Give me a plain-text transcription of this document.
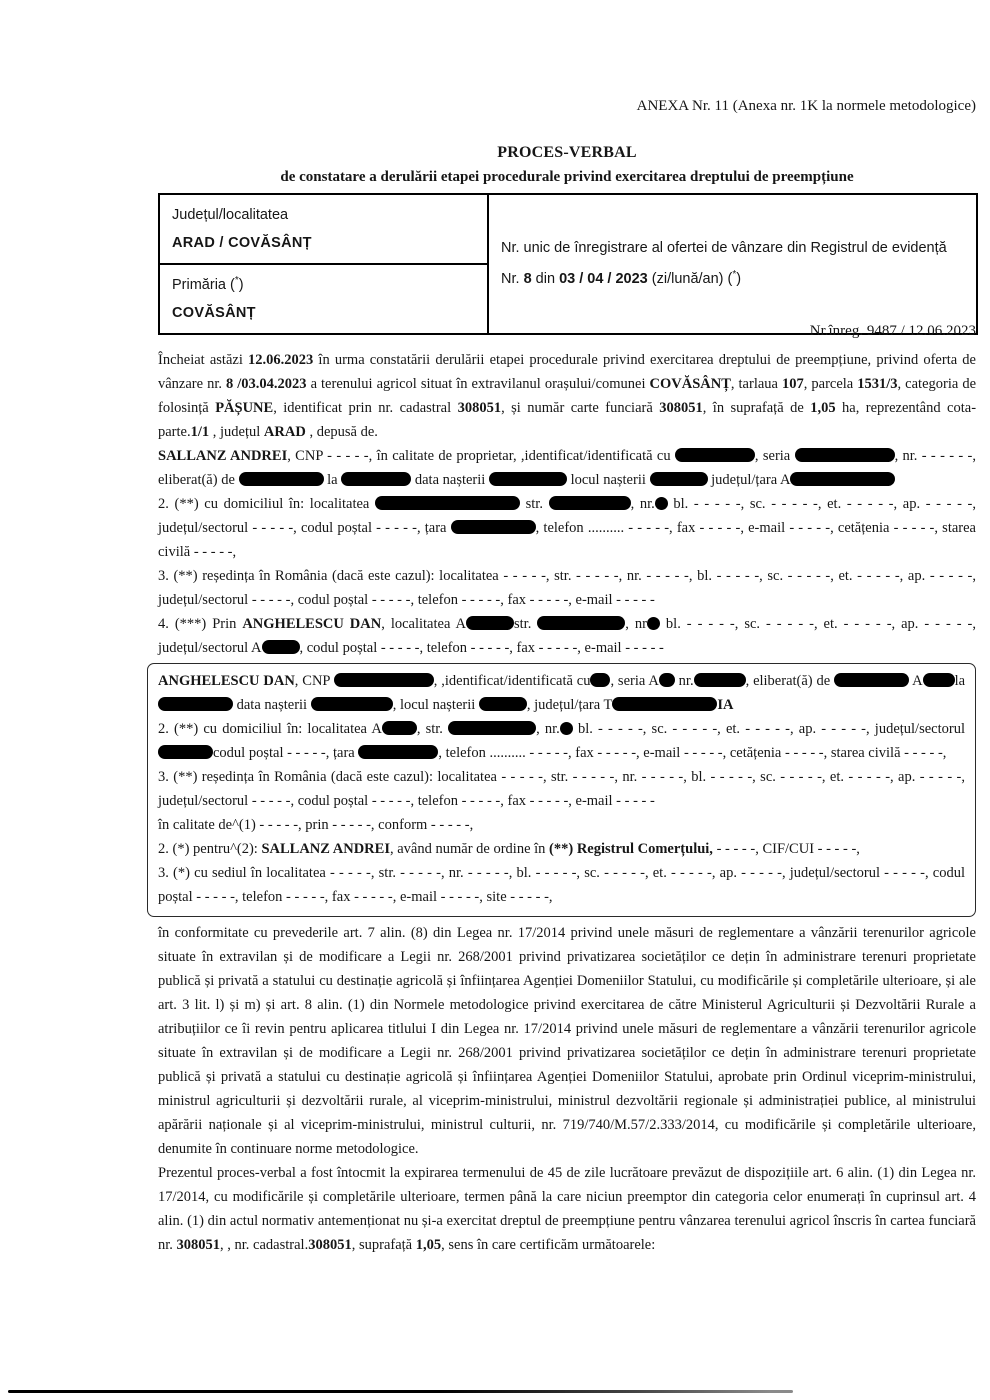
ANEXA Nr. 11 (Anexa nr. 1K la normele metodologice)
PROCES-VERBAL
de constatare a derulării etapei procedurale privind exercitarea dreptului de preempțiune
Județul/localitatea
ARAD / COVĂSÂNȚ	Nr. unic de înregistrare al ofertei de vânzare din Registrul de evidență
Nr. 8 din 03 / 04 / 2023 (zi/lună/an) (*)

Primăria (*)
COVĂSÂNȚ
Nr.înreg. 9487 / 12.06.2023

Încheiat astăzi 12.06.2023 în urma constatării derulării etapei procedurale privind exercitarea dreptului de preempțiune, privind oferta de vânzare nr. 8 /03.04.2023 a terenului agricol situat în extravilanul orașului/comunei COVĂSÂNȚ, tarlaua 107, parcela 1531/3, categoria de folosință PĂȘUNE, identificat prin nr. cadastral 308051, și număr carte funciară 308051, în suprafață de 1,05 ha, reprezentând cota-parte.1/1 , județul ARAD , depusă de.

SALLANZ ANDREI, CNP - - - - -, în calitate de proprietar, ,identificat/identificată cu	, seria	, nr. - - - - - -, eliberat(ă) de	la	data nașterii	locul nașterii	județul/țara A

2. (**) cu domiciliul în: localitatea	str.	, nr. bl. - - - - -, sc. - - - - -, et. - - - - -, ap. - - - - -, județul/sectorul - - - - -, codul poștal - - - - -, țara	, telefon .......... - - - - -, fax - - - - -, e-mail - - - - -, cetățenia - - - - -, starea civilă - - - - -,

3. (**) reședința în România (dacă este cazul): localitatea - - - - -, str. - - - - -, nr. - - - - -, bl. - - - - -, sc. - - - - -, et. - - - - -, ap. - - - - -, județul/sectorul - - - - -, codul poștal - - - - -, telefon - - - - -, fax - - - - -, e-mail - - - - -

4. (***) Prin ANGHELESCU DAN, localitatea A	str.	, nr bl. - - - - -, sc. - - - - -, et. - - - - -, ap. - - - - -, județul/sectorul A	, codul poștal - - - - -, telefon - - - - -, fax - - - - -, e-mail - - - - -

ANGHELESCU DAN, CNP	, ,identificat/identificată cu , seria A nr.	, eliberat(ă) de	A la data nașterii	, locul nașterii	, județul/țara T	IA

2. (**) cu domiciliul în: localitatea A , str.	, nr. bl. - - - - -, sc. - - - - -, et. - - - - -, ap. - - - - -, județul/sectorul codul poștal - - - - -, țara	, telefon .......... - - - - -, fax - - - - -, e-mail - - - - -, cetățenia - - - - -, starea civilă - - - - -,

3. (**) reședința în România (dacă este cazul): localitatea - - - - -, str. - - - - -, nr. - - - - -, bl. - - - - -, sc. - - - - -, et. - - - - -, ap. - - - - -, județul/sectorul - - - - -, codul poștal - - - - -, telefon - - - - -, fax - - - - -, e-mail - - - - -

în calitate de^(1) - - - - -, prin - - - - -, conform - - - - -,

2. (*) pentru^(2): SALLANZ ANDREI, având număr de ordine în (**) Registrul Comerțului, - - - - -, CIF/CUI - - - - -,

3. (*) cu sediul în localitatea - - - - -, str. - - - - -, nr. - - - - -, bl. - - - - -, sc. - - - - -, et. - - - - -, ap. - - - - -, județul/sectorul - - - - -, codul poștal - - - - -, telefon - - - - -, fax - - - - -, e-mail - - - - -, site - - - - -,

în conformitate cu prevederile art. 7 alin. (8) din Legea nr. 17/2014 privind unele măsuri de reglementare a vânzării terenurilor agricole situate în extravilan și de modificare a Legii nr. 268/2001 privind privatizarea societăților ce dețin în administrare terenuri proprietate publică și privată a statului cu destinație agricolă și înființarea Agenției Domeniilor Statului, cu modificările și completările ulterioare, și ale art. 3 lit. l) și m) și art. 8 alin. (1) din Normele metodologice privind exercitarea de către Ministerul Agriculturii și Dezvoltării Rurale a atribuțiilor ce îi revin pentru aplicarea titlului I din Legea nr. 17/2014 privind unele măsuri de reglementare a vânzării terenurilor agricole situate în extravilan și de modificare a Legii nr. 268/2001 privind privatizarea societăților ce dețin în administrare terenuri proprietate publică și privată a statului cu destinație agricolă și înființarea Agenției Domeniilor Statului, aprobate prin Ordinul viceprim-ministrului, ministrul agriculturii și dezvoltării rurale, al viceprim-ministrului, ministrul dezvoltării regionale și administrației publice, al ministrului apărării naționale și al viceprim-ministrului, ministrul culturii, nr. 719/740/M.57/2.333/2014, cu modificările și completările ulterioare, denumite în continuare norme metodologice.

Prezentul proces-verbal a fost întocmit la expirarea termenului de 45 de zile lucrătoare prevăzut de dispozițiile art. 6 alin. (1) din Legea nr. 17/2014, cu modificările și completările ulterioare, termen până la care niciun preemptor din categoria celor enumerați în cuprinsul art. 4 alin. (1) din actul normativ antemenționat nu și-a exercitat dreptul de preempțiune pentru vânzarea terenului agricol înscris în cartea funciară nr. 308051, , nr. cadastral.308051, suprafață 1,05, sens în care certificăm următoarele:
